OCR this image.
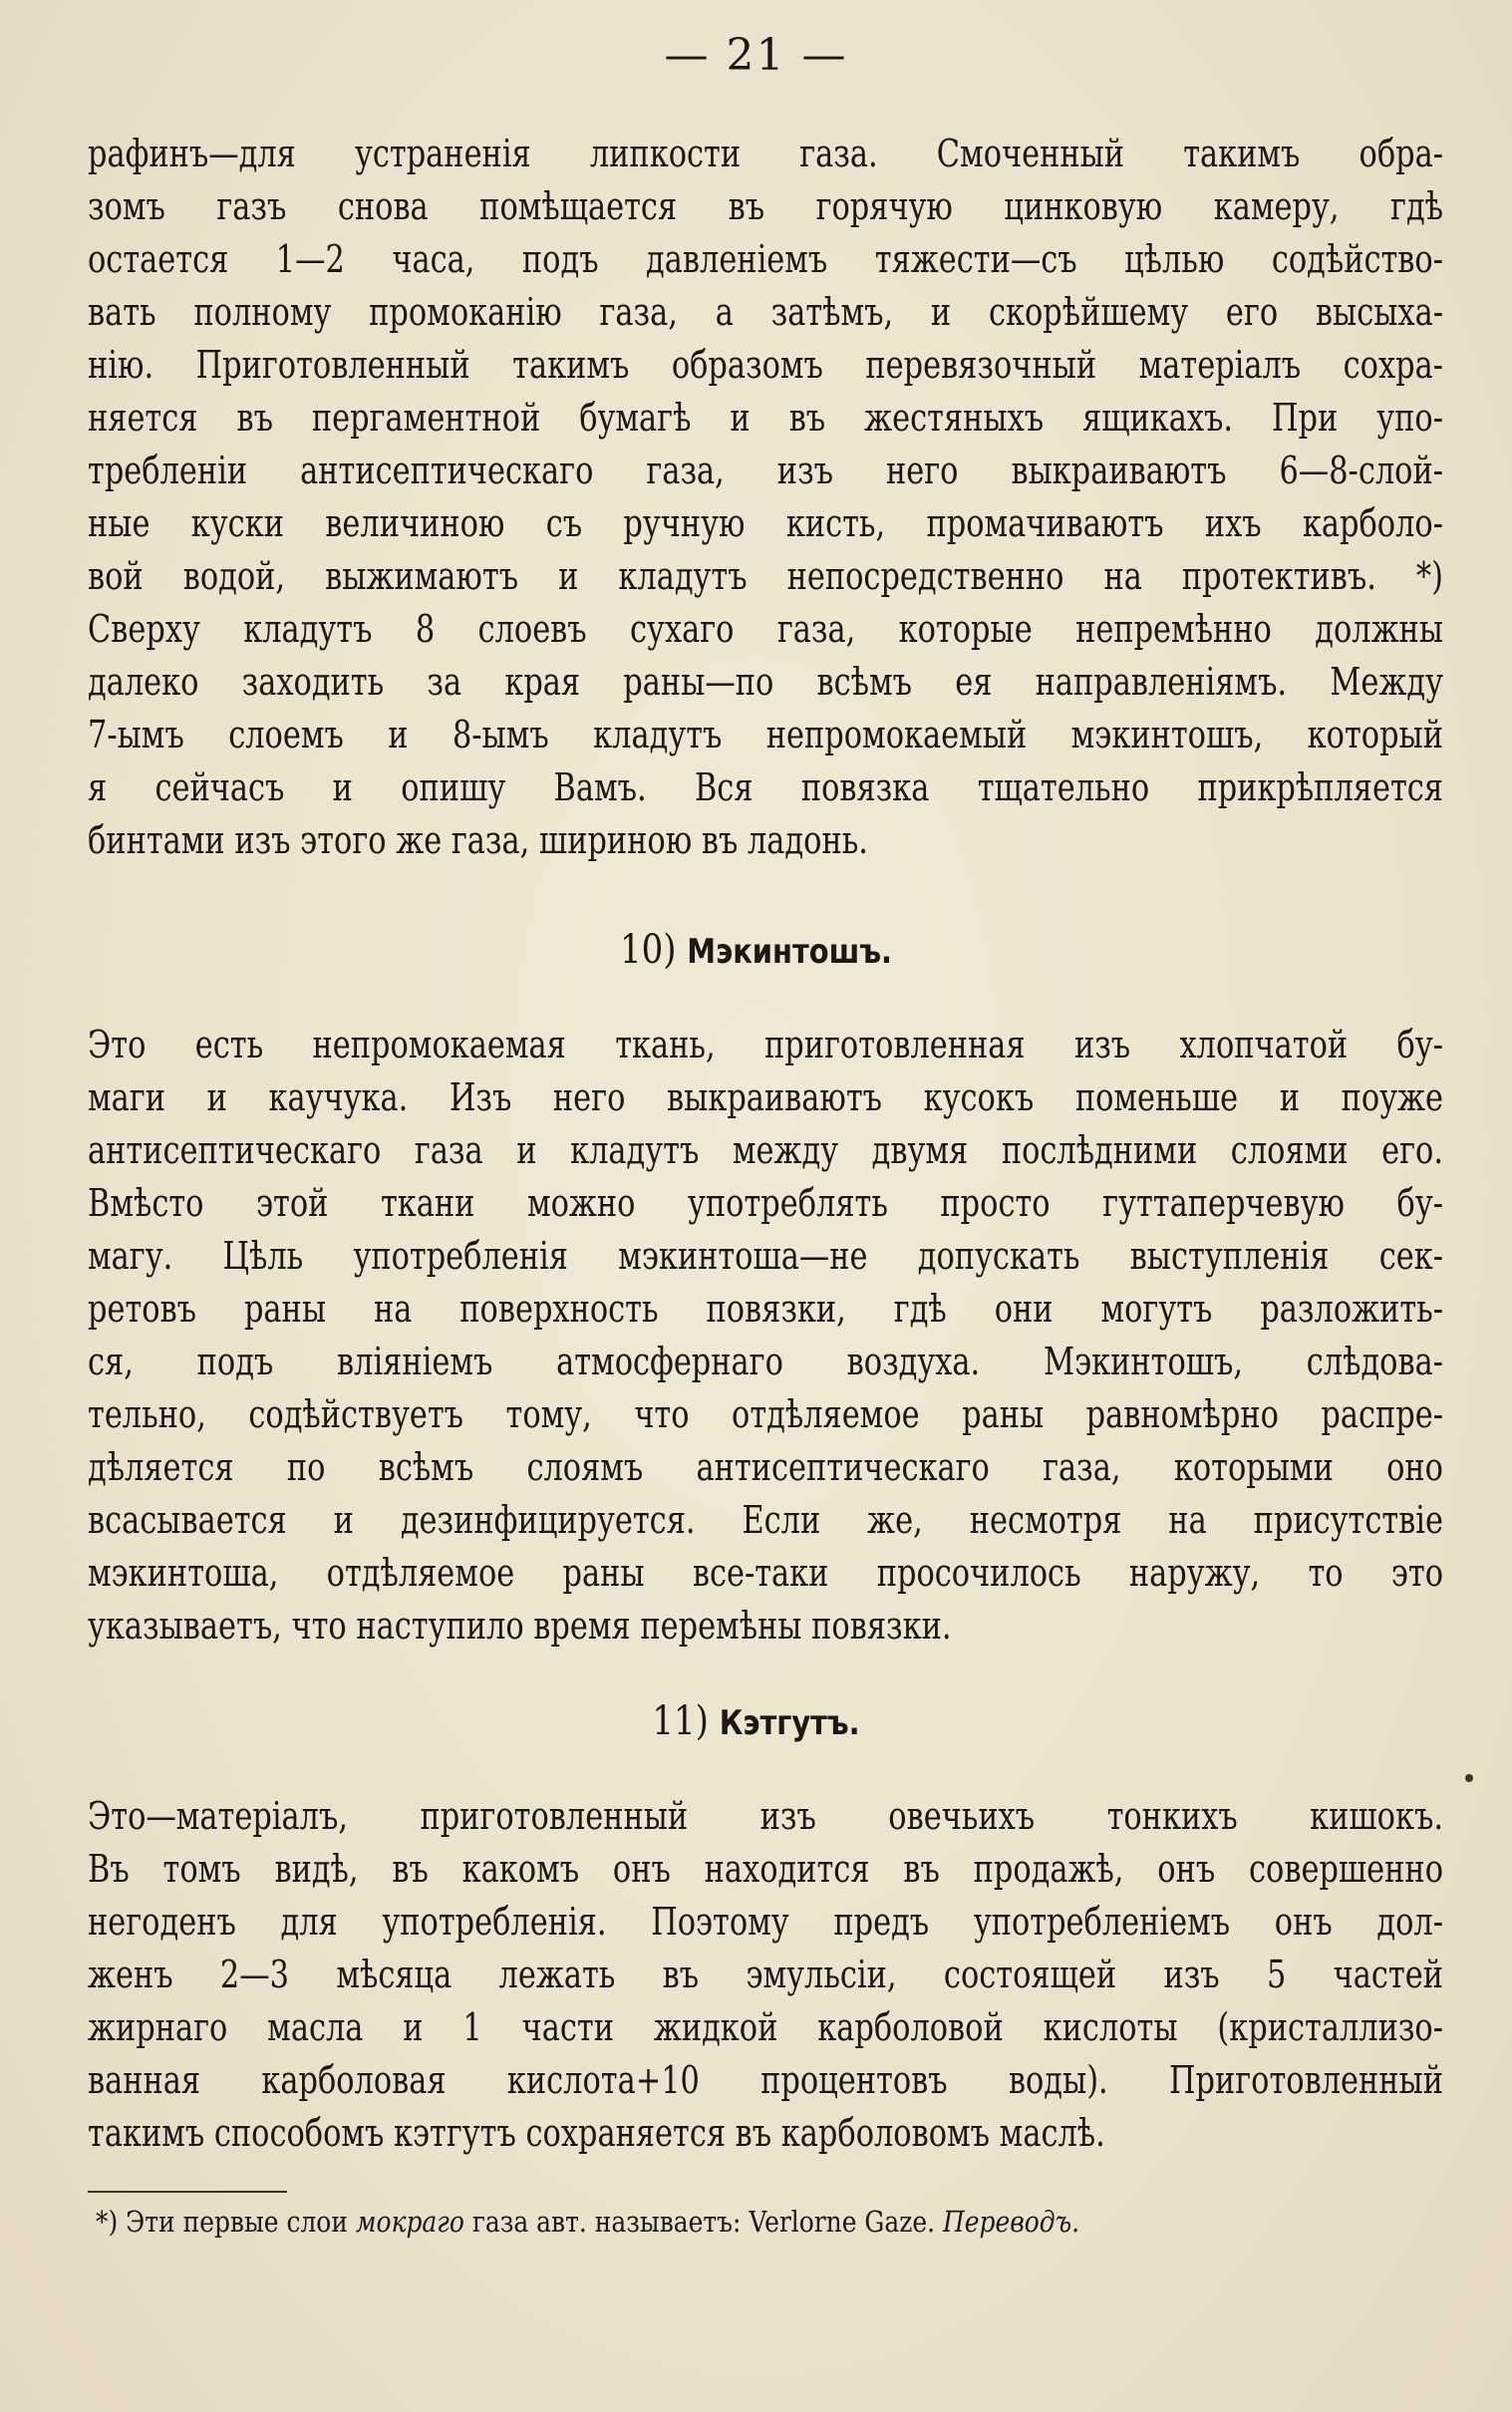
— 21 —
рафинъ—для устраненія липкости газа. Смоченный такимъ обра-
зомъ газъ снова помѣщается въ горячую цинковую камеру, гдѣ
остается 1—2 часа, подъ давленіемъ тяжести—съ цѣлью содѣйство-
вать полному промоканію газа, а затѣмъ, и скорѣйшему его высыха-
нію. Приготовленный такимъ образомъ перевязочный матеріалъ сохра-
няется въ пергаментной бумагѣ и въ жестяныхъ ящикахъ. При упо-
требленіи антисептическаго газа, изъ него выкраиваютъ 6—8-слой-
ные куски величиною съ ручную кисть, промачиваютъ ихъ карболо-
вой водой, выжимаютъ и кладутъ непосредственно на протективъ. *)
Сверху кладутъ 8 слоевъ сухаго газа, которые непремѣнно должны
далеко заходить за края раны—по всѣмъ ея направленіямъ. Между
7-ымъ слоемъ и 8-ымъ кладутъ непромокаемый мэкинтошъ, который
я сейчасъ и опишу Вамъ. Вся повязка тщательно прикрѣпляется
бинтами изъ этого же газа, шириною въ ладонь.
10) Мэкинтошъ.
Это есть непромокаемая ткань, приготовленная изъ хлопчатой бу-
маги и каучука. Изъ него выкраиваютъ кусокъ поменьше и поуже
антисептическаго газа и кладутъ между двумя послѣдними слоями его.
Вмѣсто этой ткани можно употреблять просто гуттаперчевую бу-
магу. Цѣль употребленія мэкинтоша—не допускать выступленія сек-
ретовъ раны на поверхность повязки, гдѣ они могутъ разложить-
ся, подъ вліяніемъ атмосфернаго воздуха. Мэкинтошъ, слѣдова-
тельно, содѣйствуетъ тому, что отдѣляемое раны равномѣрно распре-
дѣляется по всѣмъ слоямъ антисептическаго газа, которыми оно
всасывается и дезинфицируется. Если же, несмотря на присутствіе
мэкинтоша, отдѣляемое раны все-таки просочилось наружу, то это
указываетъ, что наступило время перемѣны повязки.
11) Кэтгутъ.
Это—матеріалъ, приготовленный изъ овечьихъ тонкихъ кишокъ.
Въ томъ видѣ, въ какомъ онъ находится въ продажѣ, онъ совершенно
негоденъ для употребленія. Поэтому предъ употребленіемъ онъ дол-
женъ 2—3 мѣсяца лежать въ эмульсіи, состоящей изъ 5 частей
жирнаго масла и 1 части жидкой карболовой кислоты (кристаллизо-
ванная карболовая кислота+10 процентовъ воды). Приготовленный
такимъ способомъ кэтгутъ сохраняется въ карболовомъ маслѣ.
*) Эти первые слои мокраго газа авт. называетъ: Verlorne Gaze. Переводъ.
